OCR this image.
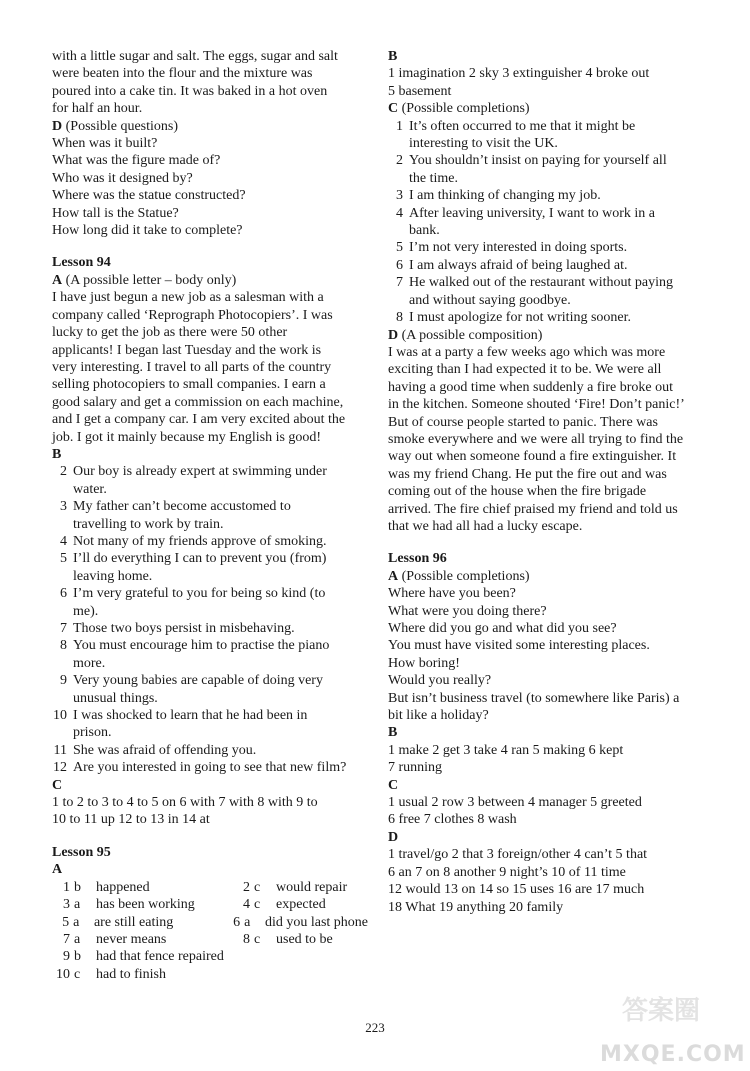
with a little sugar and salt. The eggs, sugar and salt
were beaten into the flour and the mixture was
poured into a cake tin. It was baked in a hot oven
for half an hour.
D (Possible questions)
When was it built?
What was the figure made of?
Who was it designed by?
Where was the statue constructed?
How tall is the Statue?
How long did it take to complete?
Lesson 94
A (A possible letter – body only)
I have just begun a new job as a salesman with a
company called ‘Reprograph Photocopiers’. I was
lucky to get the job as there were 50 other
applicants! I began last Tuesday and the work is
very interesting. I travel to all parts of the country
selling photocopiers to small companies. I earn a
good salary and get a commission on each machine,
and I get a company car. I am very excited about the
job. I got it mainly because my English is good!
B
2 Our boy is already expert at swimming under
water.
3 My father can’t become accustomed to
travelling to work by train.
4 Not many of my friends approve of smoking.
5 I’ll do everything I can to prevent you (from)
leaving home.
6 I’m very grateful to you for being so kind (to
me).
7 Those two boys persist in misbehaving.
8 You must encourage him to practise the piano
more.
9 Very young babies are capable of doing very
unusual things.
10 I was shocked to learn that he had been in
prison.
11 She was afraid of offending you.
12 Are you interested in going to see that new film?
C
1 to 2 to 3 to 4 to 5 on 6 with 7 with 8 with 9 to
10 to 11 up 12 to 13 in 14 at
Lesson 95
A
1 b	happened	2 c	would repair
3 a	has been working	4 c	expected
5 a	are still eating	6 a	did you last phone
7 a	never means	8 c	used to be
9 b	had that fence repaired
10 c	had to finish
B
1 imagination 2 sky 3 extinguisher 4 broke out
5 basement
C (Possible completions)
1 It’s often occurred to me that it might be
interesting to visit the UK.
2 You shouldn’t insist on paying for yourself all
the time.
3 I am thinking of changing my job.
4 After leaving university, I want to work in a
bank.
5 I’m not very interested in doing sports.
6 I am always afraid of being laughed at.
7 He walked out of the restaurant without paying
and without saying goodbye.
8 I must apologize for not writing sooner.
D (A possible composition)
I was at a party a few weeks ago which was more
exciting than I had expected it to be. We were all
having a good time when suddenly a fire broke out
in the kitchen. Someone shouted ‘Fire! Don’t panic!’
But of course people started to panic. There was
smoke everywhere and we were all trying to find the
way out when someone found a fire extinguisher. It
was my friend Chang. He put the fire out and was
coming out of the house when the fire brigade
arrived. The fire chief praised my friend and told us
that we had all had a lucky escape.
Lesson 96
A (Possible completions)
Where have you been?
What were you doing there?
Where did you go and what did you see?
You must have visited some interesting places.
How boring!
Would you really?
But isn’t business travel (to somewhere like Paris) a
bit like a holiday?
B
1 make 2 get 3 take 4 ran 5 making 6 kept
7 running
C
1 usual 2 row 3 between 4 manager 5 greeted
6 free 7 clothes 8 wash
D
1 travel/go 2 that 3 foreign/other 4 can’t 5 that
6 an 7 on 8 another 9 night’s 10 of 11 time
12 would 13 on 14 so 15 uses 16 are 17 much
18 What 19 anything 20 family
223
答案圈
MXQE.COM
